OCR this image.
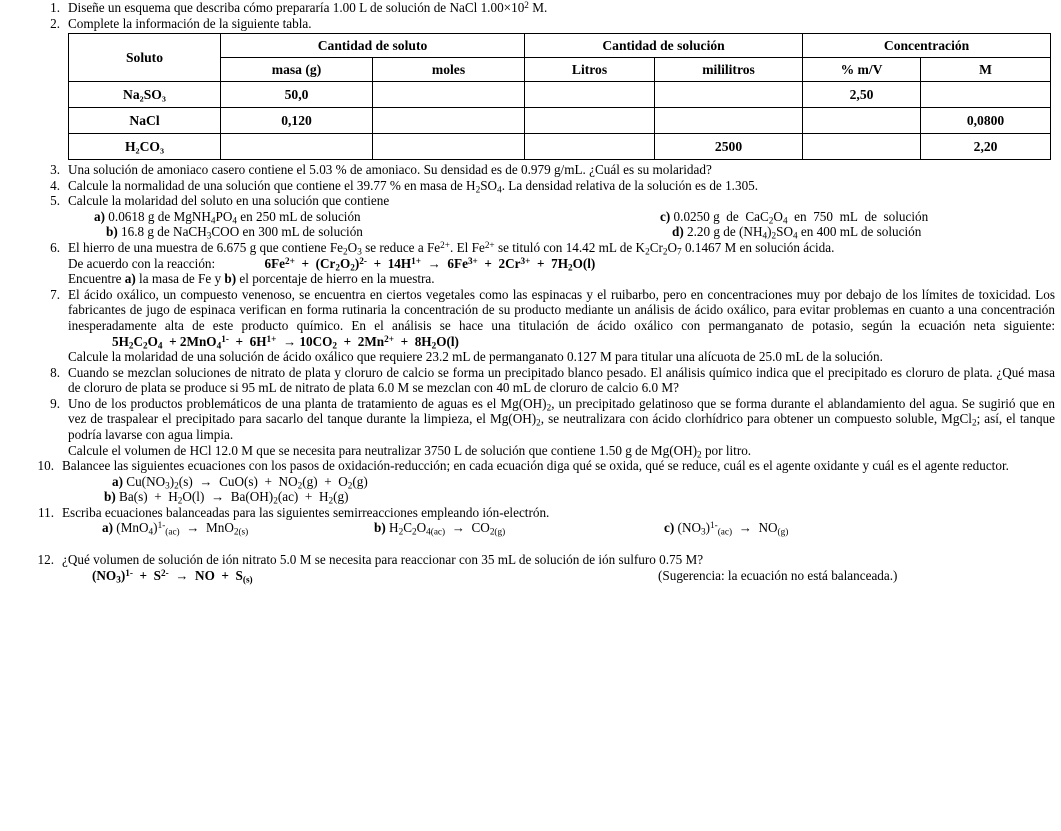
1. Diseñe un esquema que describa cómo prepararía 1.00 L de solución de NaCl $1.00\times 10^2$ M.
2. Complete la información de la siguiente tabla.
Soluto	Cantidad de soluto		Cantidad de solución		Concentración	
	masa (g)	moles	Litros	mililitros	% m/V	M
Na₂SO₃	50,0				2,50	
NaCl	0,120					0,0800
H₂CO₃				2500		2,20
3. Una solución de amoniaco casero contiene el 5.03 % de amoniaco. Su densidad es de 0.979 g/mL. ¿Cuál es su molaridad?
4. Calcule la normalidad de una solución que contiene el 39.77 % en masa de $H_2SO_4$. La densidad relativa de la solución es de 1.305.
5. Calcule la molaridad del soluto en una solución que contiene
a) 0.0618 g de $MgNH_4PO_4$ en 250 mL de solución	c) 0.0250 g  de  $CaC_2O_4$  en  750  mL  de  solución
b) 16.8 g de NaCH$_3$COO en 300 mL de solución	d) 2.20 g de $(NH_4)_2SO_4$ en 400 mL de solución
6. El hierro de una muestra de 6.675 g que contiene $Fe_2O_3$ se reduce a $Fe^{2+}$. El $Fe^{2+}$ se tituló con 14.42 mL de $K_2Cr_2O_7$ 0.1467 M en solución ácida.
De acuerdo con la reacción:	$6Fe^{2+} + (Cr_2O_2)^{2-} + 14H^{1+} \to 6Fe^{3+} + 2Cr^{3+} + 7H_2O(l)$
Encuentre a) la masa de Fe y b) el porcentaje de hierro en la muestra.
7. El ácido oxálico, un compuesto venenoso, se encuentra en ciertos vegetales como las espinacas y el ruibarbo, pero en concentraciones muy por debajo de los límites de toxicidad. Los fabricantes de jugo de espinaca verifican en forma rutinaria la concentración de su producto mediante un análisis de ácido oxálico, para evitar problemas en cuanto a una concentración inesperadamente alta de este producto químico. En el análisis se hace una titulación de ácido oxálico con permanganato de potasio, según la ecuación neta siguiente: $5H_2C_2O_4 + 2MnO_4^{1-} + 6H^{1+} \to 10CO_2 + 2Mn^{2+} + 8H_2O(l)$
Calcule la molaridad de una solución de ácido oxálico que requiere 23.2 mL de permanganato 0.127 M para titular una alícuota de 25.0 mL de la solución.
8. Cuando se mezclan soluciones de nitrato de plata y cloruro de calcio se forma un precipitado blanco pesado. El análisis químico indica que el precipitado es cloruro de plata. ¿Qué masa de cloruro de plata se produce si 95 mL de nitrato de plata 6.0 M se mezclan con 40 mL de cloruro de calcio 6.0 M?
9. Uno de los productos problemáticos de una planta de tratamiento de aguas es el $Mg(OH)_2$, un precipitado gelatinoso que se forma durante el ablandamiento del agua. Se sugirió que en vez de traspalear el precipitado para sacarlo del tanque durante la limpieza, el $Mg(OH)_2$, se neutralizara con ácido clorhídrico para obtener un compuesto soluble, MgCl$_2$; así, el tanque podría lavarse con agua limpia.
Calcule el volumen de HCl 12.0 M que se necesita para neutralizar 3750 L de solución que contiene 1.50 g de $Mg(OH)_2$ por litro.
10. Balancee las siguientes ecuaciones con los pasos de oxidación-reducción; en cada ecuación diga qué se oxida, qué se reduce, cuál es el agente oxidante y cuál es el agente reductor.
a) $Cu(NO_3)_2(s) \to CuO(s) + NO_2(g) + O_2(g)$
b) $Ba(s) + H_2O(l) \to Ba(OH)_2(ac) + H_2(g)$
11. Escriba ecuaciones balanceadas para las siguientes semirreacciones empleando ión-electrón.
a) $(MnO_4)^{1-}_{(ac)} \to MnO_{2(s)}$	b) $H_2C_2O_{4(ac)} \to CO_{2(g)}$	c) $(NO_3)^{1-}_{(ac)} \to NO_{(g)}$
12. ¿Qué volumen de solución de ión nitrato 5.0 M se necesita para reaccionar con 35 mL de solución de ión sulfuro 0.75 M?
$(NO_3)^{1-} + S^{2-}$  →  NO  +  $S_{(s)}$	(Sugerencia: la ecuación no está balanceada.)
